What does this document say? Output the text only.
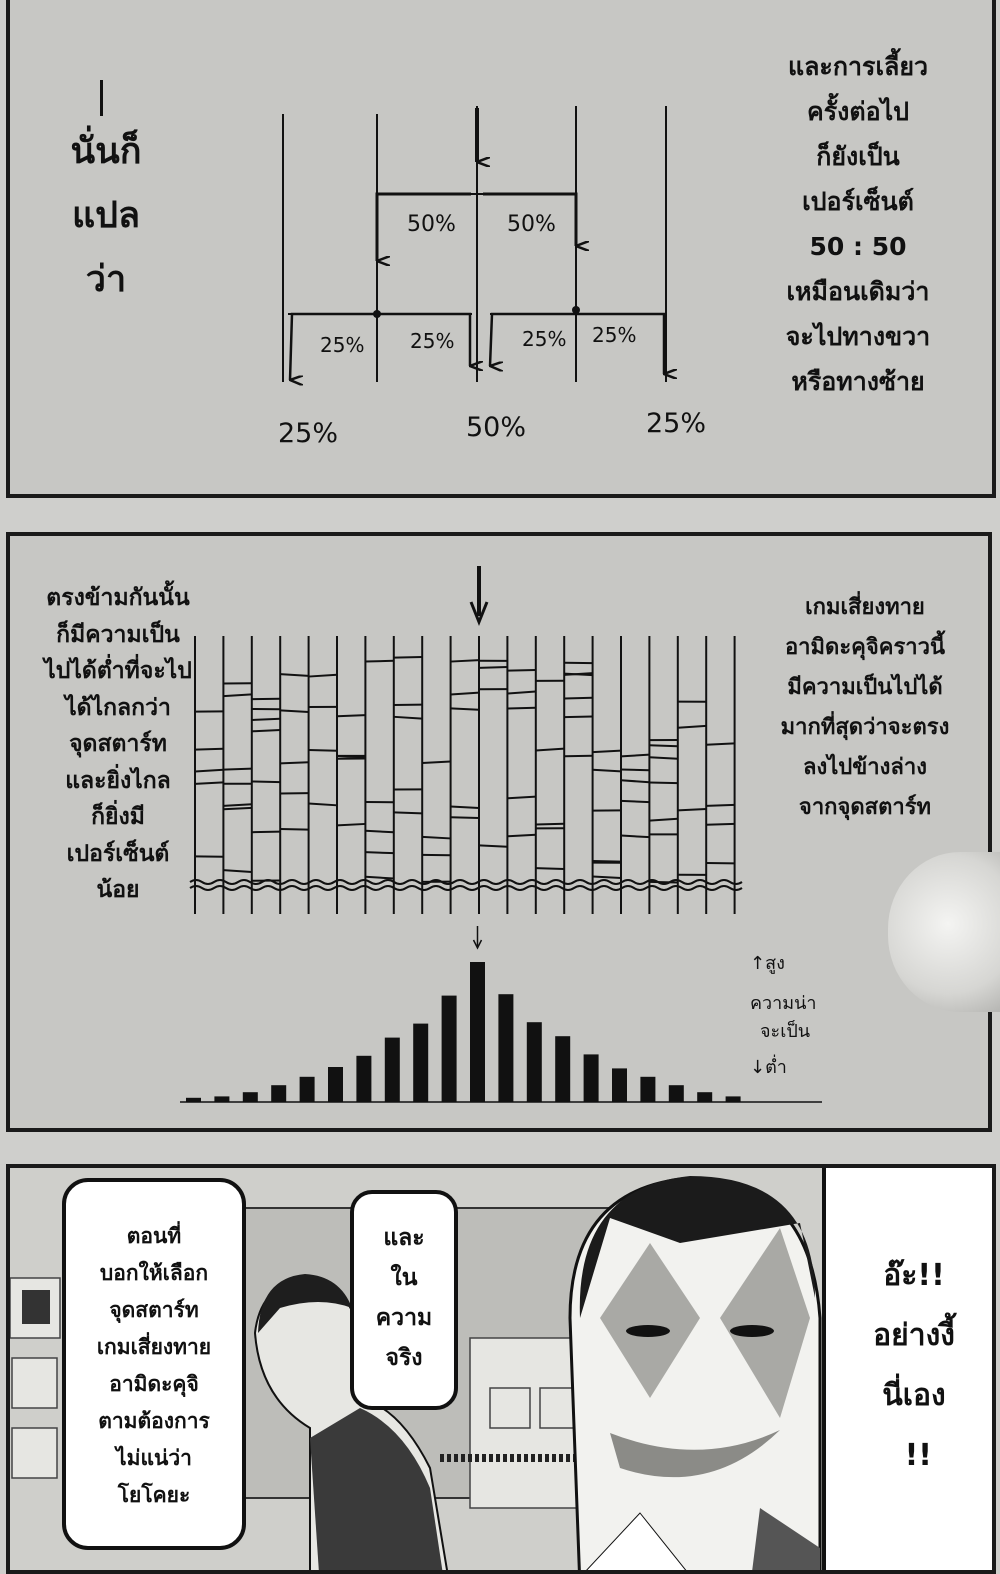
นั่นก็
แปล
ว่า
50% 50%
25% 25%	25% 25%
25%	50%	25%
และการเลี้ยว
ครั้งต่อไป
ก็ยังเป็น
เปอร์เซ็นต์
50 : 50
เหมือนเดิมว่า
จะไปทางขวา
หรือทางซ้าย
ตรงข้ามกันนั้น
ก็มีความเป็น
ไปได้ต่ำที่จะไป
ได้ไกลกว่า
จุดสตาร์ท
และยิ่งไกล
ก็ยิ่งมี
เปอร์เซ็นต์
น้อย
↑สูง
ความน่า
จะเป็น
↓ต่ำ
เกมเสี่ยงทาย
อามิดะคุจิคราวนี้
มีความเป็นไปได้
มากที่สุดว่าจะตรง
ลงไปข้างล่าง
จากจุดสตาร์ท
ตอนที่
บอกให้เลือก
จุดสตาร์ท
เกมเสี่ยงทาย
อามิดะคุจิ
ตามต้องการ
ไม่แน่ว่า
โยโคยะ
และ
ใน
ความ
จริง
อ๊ะ!!
อย่างงี้
นี่เอง
!!
